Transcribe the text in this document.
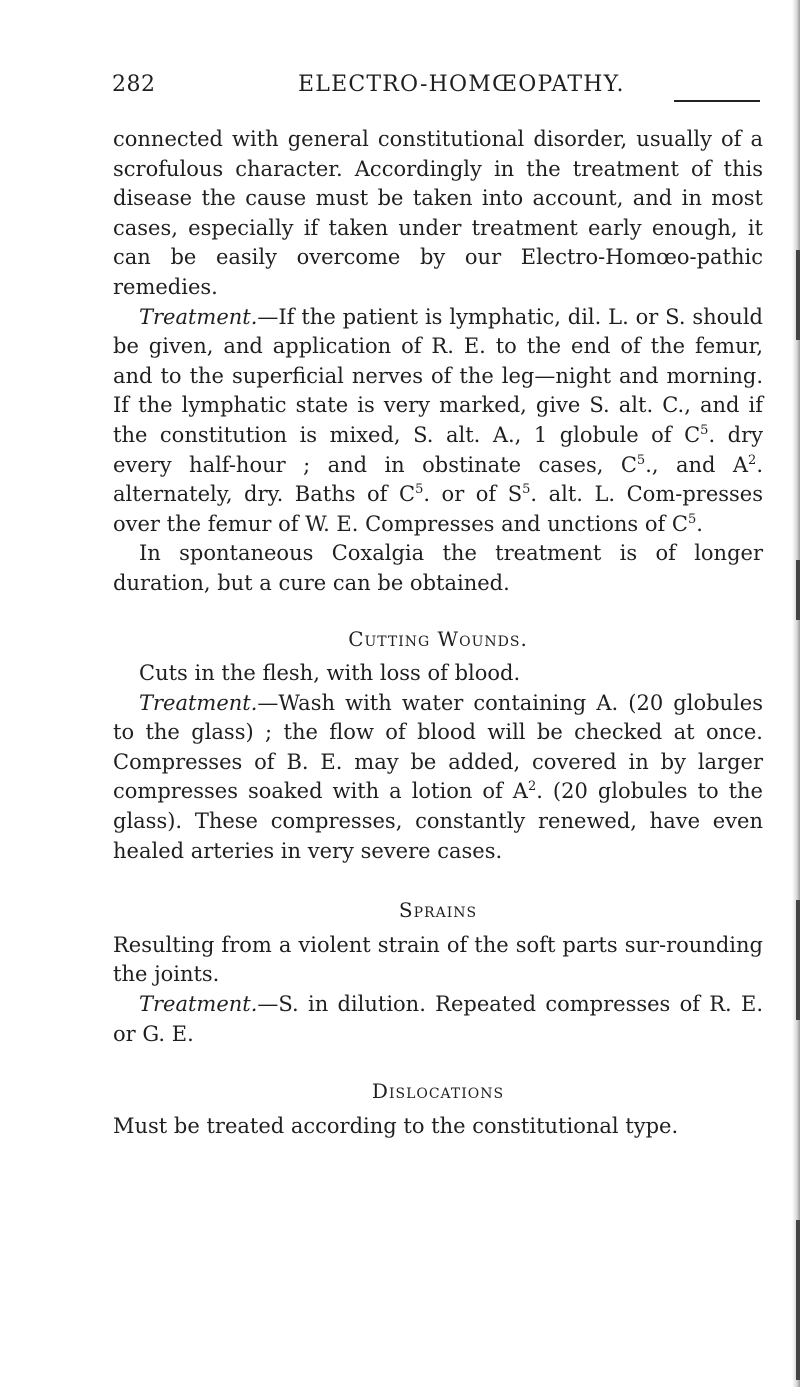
282	ELECTRO-HOMŒOPATHY.

connected with general constitutional disorder, usually of a scrofulous character. Accordingly in the treatment of this disease the cause must be taken into account, and in most cases, especially if taken under treatment early enough, it can be easily overcome by our Electro-Homœo-pathic remedies.

Treatment.—If the patient is lymphatic, dil. L. or S. should be given, and application of R. E. to the end of the femur, and to the superficial nerves of the leg—night and morning. If the lymphatic state is very marked, give S. alt. C., and if the constitution is mixed, S. alt. A., 1 globule of $C^5$. dry every half-hour ; and in obstinate cases, $C^5$., and $A^2$. alternately, dry. Baths of $C^5$. or of $S^5$. alt. L. Com-presses over the femur of W. E. Compresses and unctions of $C^5$.

In spontaneous Coxalgia the treatment is of longer duration, but a cure can be obtained.

Cutting Wounds.

Cuts in the flesh, with loss of blood.

Treatment.—Wash with water containing A. (20 globules to the glass) ; the flow of blood will be checked at once. Compresses of B. E. may be added, covered in by larger compresses soaked with a lotion of $A^2$. (20 globules to the glass). These compresses, constantly renewed, have even healed arteries in very severe cases.

Sprains

Resulting from a violent strain of the soft parts sur-rounding the joints.

Treatment.—S. in dilution. Repeated compresses of R. E. or G. E.

Dislocations

Must be treated according to the constitutional type.
